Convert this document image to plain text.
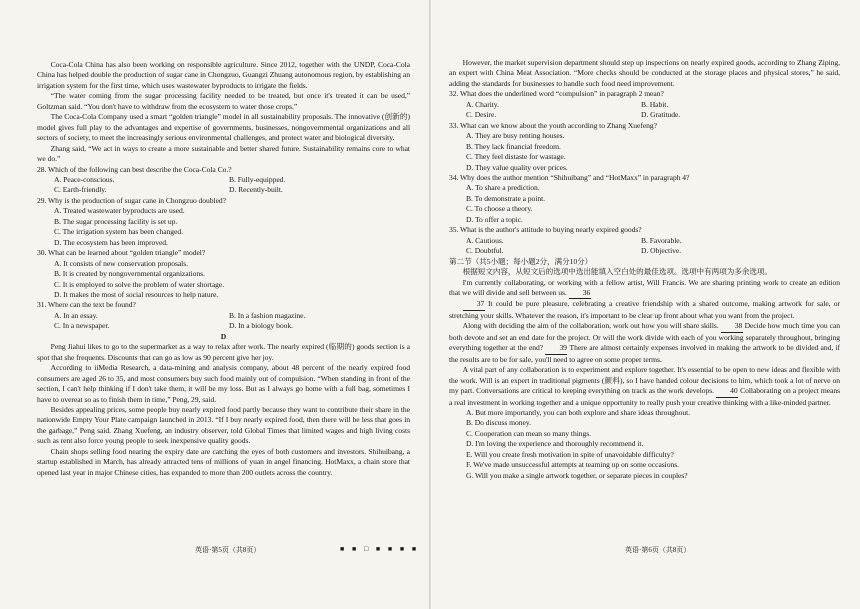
Coca-Cola China has also been working on responsible agriculture. Since 2012, together with the UNDP, Coca-Cola China has helped double the production of sugar cane in Chongzuo, Guangzi Zhuang autonomous region, by establishing an irrigation system for the first time, which uses wastewater byproducts to irrigate the fields.

“The water coming from the sugar processing facility needed to be treated, but once it's treated it can be used,” Goltzman said. “You don't have to withdraw from the ecosystem to water those crops.”

The Coca-Cola Company used a smart “golden triangle” model in all sustainability proposals. The innovative (创新的) model gives full play to the advantages and expertise of governments, businesses, nongovernmental organizations and all sectors of society, to meet the increasingly serious environmental challenges, and protect water and biological diversity.

Zhang said, “We act in ways to create a more sustainable and better shared future. Sustainability remains core to what we do.”

28. Which of the following can best describe the Coca-Cola Co.?
A. Peace-conscious.	B. Fully-equipped.
C. Earth-friendly.	D. Recently-built.
29. Why is the production of sugar cane in Chongzuo doubled?
A. Treated wastewater byproducts are used.
B. The sugar processing facility is set up.
C. The irrigation system has been changed.
D. The ecosystem has been improved.
30. What can be learned about “golden triangle” model?
A. It consists of new conservation proposals.
B. It is created by nongovernmental organizations.
C. It is employed to solve the problem of water shortage.
D. It makes the most of social resources to help nature.
31. Where can the text be found?
A. In an essay.	B. In a fashion magazine.
C. In a newspaper.	D. In a biology book.
D

Peng Jiahui likes to go to the supermarket as a way to relax after work. The nearly expired (临期的) goods section is a spot that she frequents. Discounts that can go as low as 90 percent give her joy.

According to iiMedia Research, a data-mining and analysis company, about 48 percent of the nearly expired food consumers are aged 26 to 35, and most consumers buy such food mainly out of compulsion. “When standing in front of the section, I can't help thinking if I don't take them, it will be my loss. But as I always go home with a full bag, sometimes I have to overeat so as to finish them in time,” Peng, 29, said.

Besides appealing prices, some people buy nearly expired food partly because they want to contribute their share in the nationwide Empty Your Plate campaign launched in 2013. “If I buy nearly expired food, then there will be less that goes in the garbage,” Peng said. Zhang Xuefeng, an industry observer, told Global Times that limited wages and high living costs such as rent also force young people to seek inexpensive quality goods.

Chain shops selling food nearing the expiry date are catching the eyes of both customers and investors. Shihuibang, a startup established in March, has already attracted tens of millions of yuan in angel financing. HotMaxx, a chain store that opened last year in major Chinese cities, has expanded to more than 200 outlets across the country.

英语·第5页（共8页）	■ ■ □ ■ ■ ■ ■

However, the market supervision department should step up inspections on nearly expired goods, according to Zhang Ziping, an expert with China Meat Association. “More checks should be conducted at the storage places and physical stores,” he said, adding the standards for businesses to handle such food need improvement.

32. What does the underlined word “compulsion” in paragraph 2 mean?
A. Charity.	B. Habit.
C. Desire.	D. Gratitude.
33. What can we know about the youth according to Zhang Xuefeng?
A. They are busy renting houses.
B. They lack financial freedom.
C. They feel distaste for wastage.
D. They value quality over prices.
34. Why does the author mention “Shihuibang” and “HotMaxx” in paragraph 4?
A. To share a prediction.
B. To demonstrate a point.
C. To choose a theory.
D. To offer a topic.
35. What is the author's attitude to buying nearly expired goods?
A. Cautious.	B. Favorable.
C. Doubtful.	D. Objective.
第二节（共5小题；每小题2分，满分10分）

根据短文内容，从短文后的选项中选出能填入空白处的最佳选项。选项中有两项为多余选项。

I'm currently collaborating, or working with a fellow artist, Will Francis. We are sharing printing work to create an edition that we will divide and sell between us. 36

37 It could be pure pleasure, celebrating a creative friendship with a shared outcome, making artwork for sale, or stretching your skills. Whatever the reason, it's important to be clear up front about what you want from the project.

Along with deciding the aim of the collaboration, work out how you will share skills. 38 Decide how much time you can both devote and set an end date for the project. Or will the work divide with each of you working separately throughout, bringing everything together at the end? 39 There are almost certainly expenses involved in making the artwork to be divided and, if the results are to be for sale, you'll need to agree on some proper terms.

A vital part of any collaboration is to experiment and explore together. It's essential to be open to new ideas and flexible with the work. Will is an expert in traditional pigments (颜料), so I have handed colour decisions to him, which took a lot of nerve on my part. Conversations are critical to keeping everything on track as the work develops. 40 Collaborating on a project means a real investment in working together and a unique opportunity to really push your creative thinking with a like-minded partner.

A. But more importantly, you can both explore and share ideas throughout.
B. Do discuss money.
C. Cooperation can mean so many things.
D. I'm loving the experience and thoroughly recommend it.
E. Will you create fresh motivation in spite of unavoidable difficulty?
F. We've made unsuccessful attempts at teaming up on some occasions.
G. Will you make a single artwork together, or separate pieces in couples?
英语·第6页（共8页）
